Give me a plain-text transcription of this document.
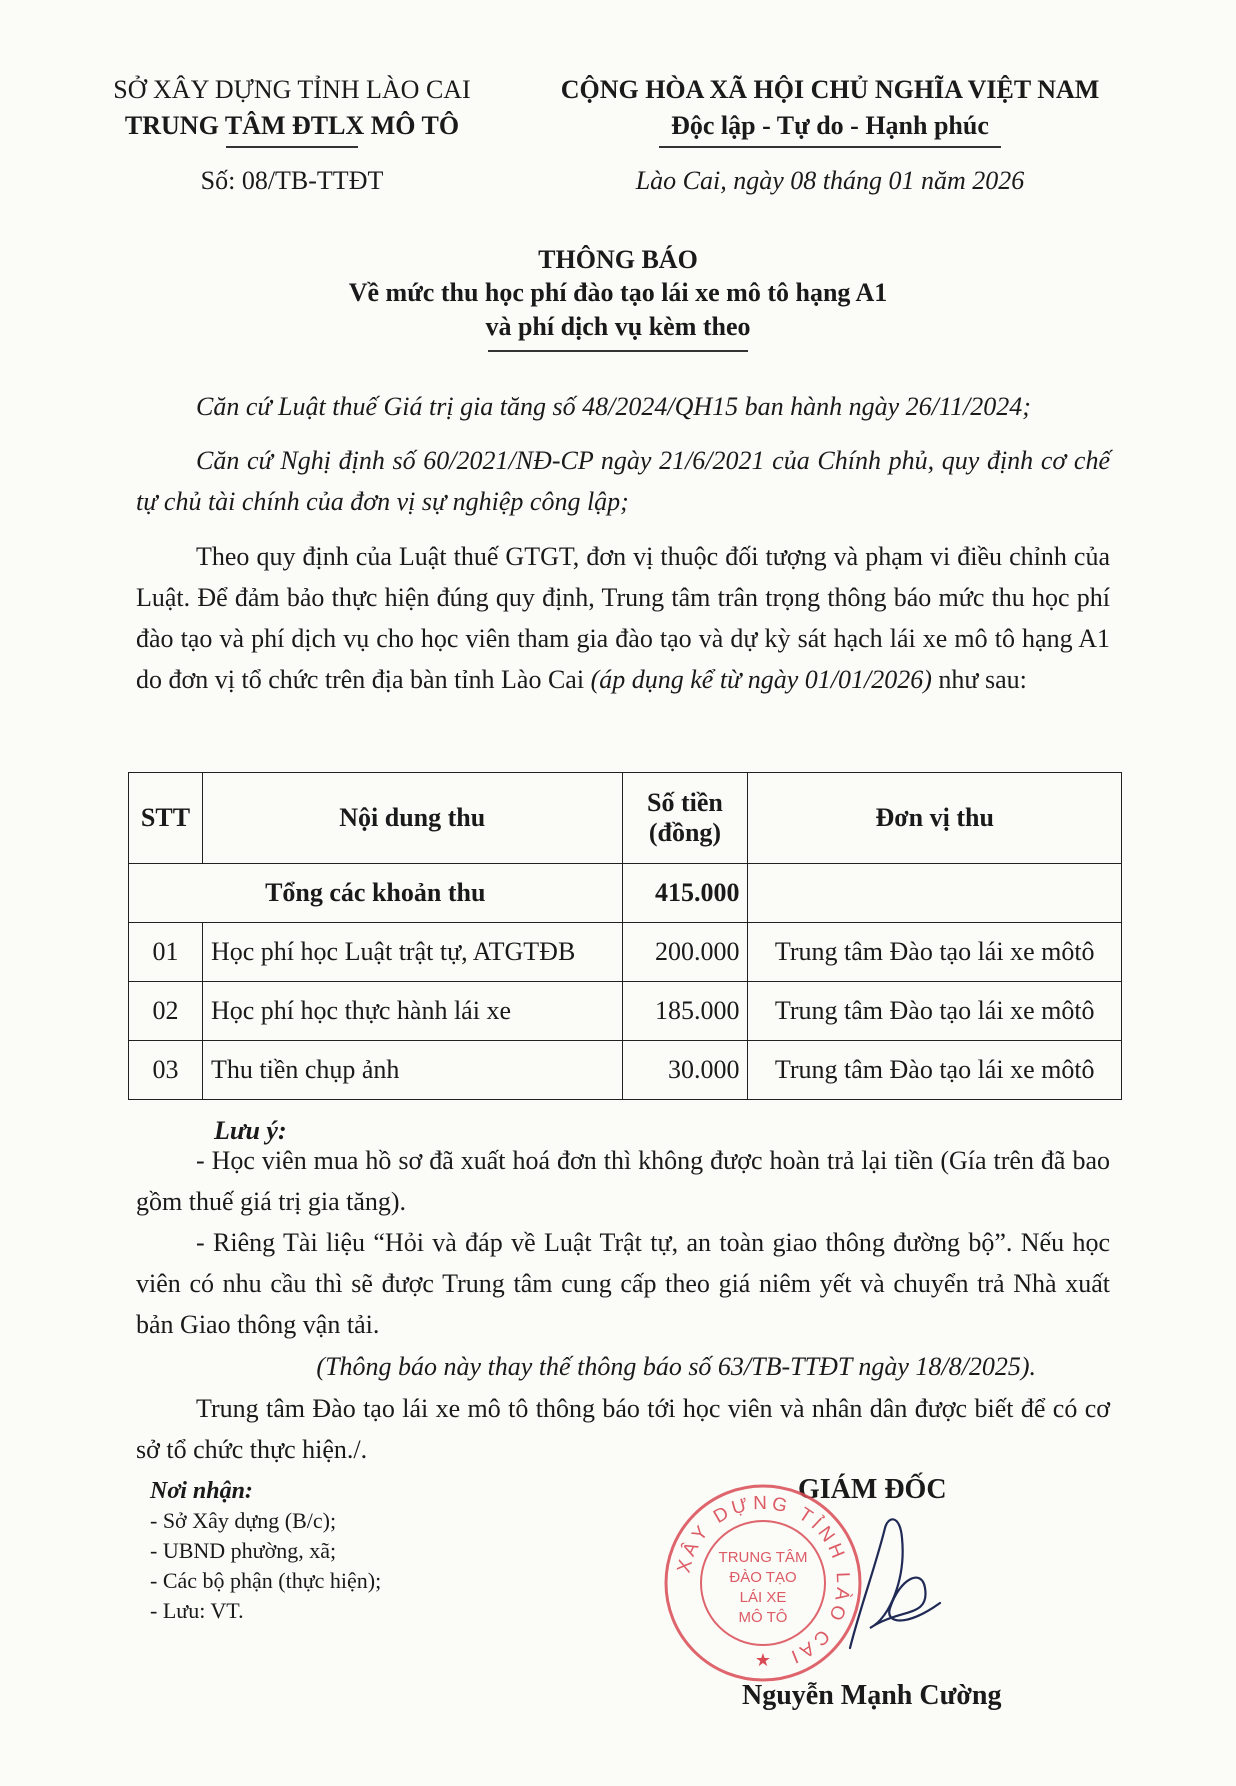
SỞ XÂY DỰNG TỈNH LÀO CAI
TRUNG TÂM ĐTLX MÔ TÔ
CỘNG HÒA XÃ HỘI CHỦ NGHĨA VIỆT NAM
Độc lập - Tự do - Hạnh phúc
Số: 08/TB-TTĐT	Lào Cai, ngày 08 tháng 01 năm 2026
THÔNG BÁO
Về mức thu học phí đào tạo lái xe mô tô hạng A1
và phí dịch vụ kèm theo
Căn cứ Luật thuế Giá trị gia tăng số 48/2024/QH15 ban hành ngày 26/11/2024;
Căn cứ Nghị định số 60/2021/NĐ-CP ngày 21/6/2021 của Chính phủ, quy định cơ chế tự chủ tài chính của đơn vị sự nghiệp công lập;
Theo quy định của Luật thuế GTGT, đơn vị thuộc đối tượng và phạm vi điều chỉnh của Luật. Để đảm bảo thực hiện đúng quy định, Trung tâm trân trọng thông báo mức thu học phí đào tạo và phí dịch vụ cho học viên tham gia đào tạo và dự kỳ sát hạch lái xe mô tô hạng A1 do đơn vị tổ chức trên địa bàn tỉnh Lào Cai (áp dụng kể từ ngày 01/01/2026) như sau:
STT	Nội dung thu	Số tiền (đồng)	Đơn vị thu
Tổng các khoản thu		415.000	
01	Học phí học Luật trật tự, ATGTĐB	200.000	Trung tâm Đào tạo lái xe môtô
02	Học phí học thực hành lái xe	185.000	Trung tâm Đào tạo lái xe môtô
03	Thu tiền chụp ảnh	30.000	Trung tâm Đào tạo lái xe môtô
Lưu ý:
- Học viên mua hồ sơ đã xuất hoá đơn thì không được hoàn trả lại tiền (Gía trên đã bao gồm thuế giá trị gia tăng).
- Riêng Tài liệu “Hỏi và đáp về Luật Trật tự, an toàn giao thông đường bộ”. Nếu học viên có nhu cầu thì sẽ được Trung tâm cung cấp theo giá niêm yết và chuyển trả Nhà xuất bản Giao thông vận tải.
(Thông báo này thay thế thông báo số 63/TB-TTĐT ngày 18/8/2025).
Trung tâm Đào tạo lái xe mô tô thông báo tới học viên và nhân dân được biết để có cơ sở tổ chức thực hiện./.
Nơi nhận:
- Sở Xây dựng (B/c);
- UBND phường, xã;
- Các bộ phận (thực hiện);
- Lưu: VT.
GIÁM ĐỐC
XÂY DỰNG TỈNH LÀO CAI
TRUNG TÂM
ĐÀO TẠO
LÁI XE
MÔ TÔ
★
Nguyễn Mạnh Cường
